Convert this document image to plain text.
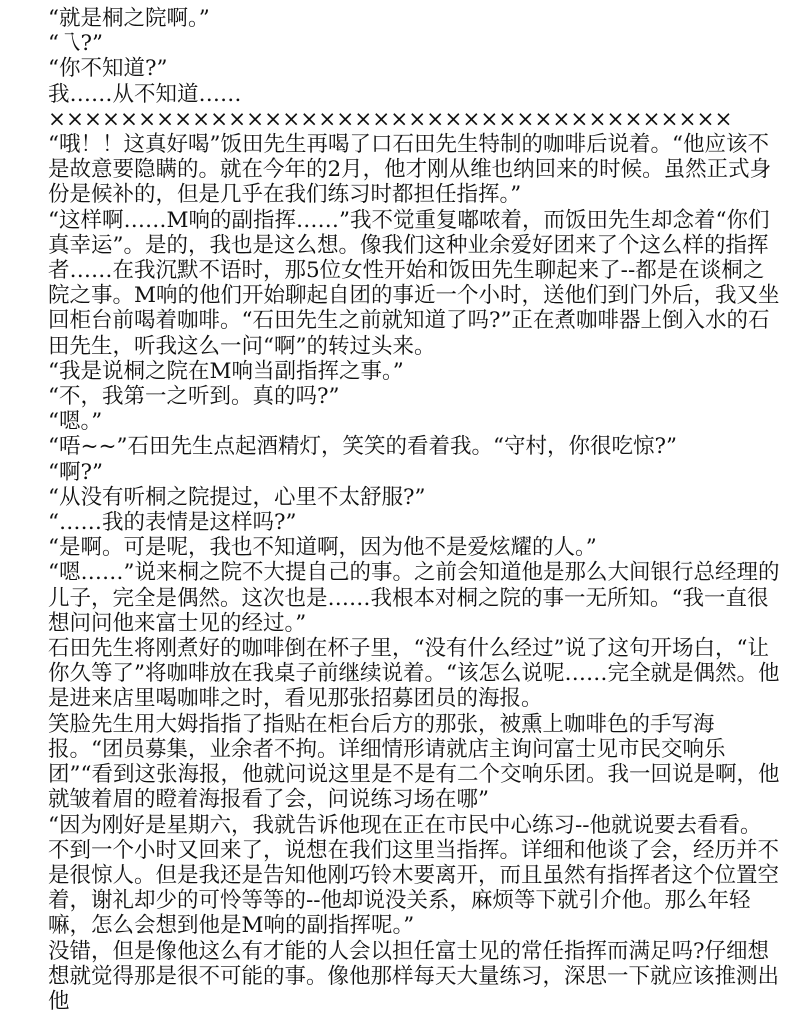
“就是桐之院啊。”

“乁?”

“你不知道?”

我……从不知道……

××××××××××××××××××××××××××××××××××××××

“哦！！这真好喝”饭田先生再喝了口石田先生特制的咖啡后说着。“他应该不是故意要隐瞒的。就在今年的2月，他才刚从维也纳回来的时候。虽然正式身份是候补的，但是几乎在我们练习时都担任指挥。”

“这样啊……M响的副指挥……”我不觉重复嘟哝着，而饭田先生却念着“你们真幸运”。是的，我也是这么想。像我们这种业余爱好团来了个这么样的指挥者……在我沉默不语时，那5位女性开始和饭田先生聊起来了--都是在谈桐之院之事。M响的他们开始聊起自团的事近一个小时，送他们到门外后，我又坐回柜台前喝着咖啡。“石田先生之前就知道了吗?”正在煮咖啡器上倒入水的石田先生，听我这么一问“啊”的转过头来。

“我是说桐之院在M响当副指挥之事。”

“不，我第一之听到。真的吗?”

“嗯。”

“唔~~”石田先生点起酒精灯，笑笑的看着我。“守村，你很吃惊?”

“啊?”

“从没有听桐之院提过，心里不太舒服?”

“……我的表情是这样吗?”

“是啊。可是呢，我也不知道啊，因为他不是爱炫耀的人。”

“嗯……”说来桐之院不大提自己的事。之前会知道他是那么大间银行总经理的儿子，完全是偶然。这次也是……我根本对桐之院的事一无所知。“我一直很想问问他来富士见的经过。”

石田先生将刚煮好的咖啡倒在杯子里，“没有什么经过”说了这句开场白，“让你久等了”将咖啡放在我桌子前继续说着。“该怎么说呢……完全就是偶然。他是进来店里喝咖啡之时，看见那张招募团员的海报。

笑脸先生用大姆指指了指贴在柜台后方的那张，被熏上咖啡色的手写海报。“团员募集，业余者不拘。详细情形请就店主询问富士见市民交响乐团”“看到这张海报，他就问说这里是不是有二个交响乐团。我一回说是啊，他就皱着眉的瞪着海报看了会，问说练习场在哪”

“因为刚好是星期六，我就告诉他现在正在市民中心练习--他就说要去看看。不到一个小时又回来了，说想在我们这里当指挥。详细和他谈了会，经历并不是很惊人。但是我还是告知他刚巧铃木要离开，而且虽然有指挥者这个位置空着，谢礼却少的可怜等等的--他却说没关系，麻烦等下就引介他。那么年轻嘛，怎么会想到他是M响的副指挥呢。”

没错，但是像他这么有才能的人会以担任富士见的常任指挥而满足吗?仔细想想就觉得那是很不可能的事。像他那样每天大量练习，深思一下就应该推测出他
